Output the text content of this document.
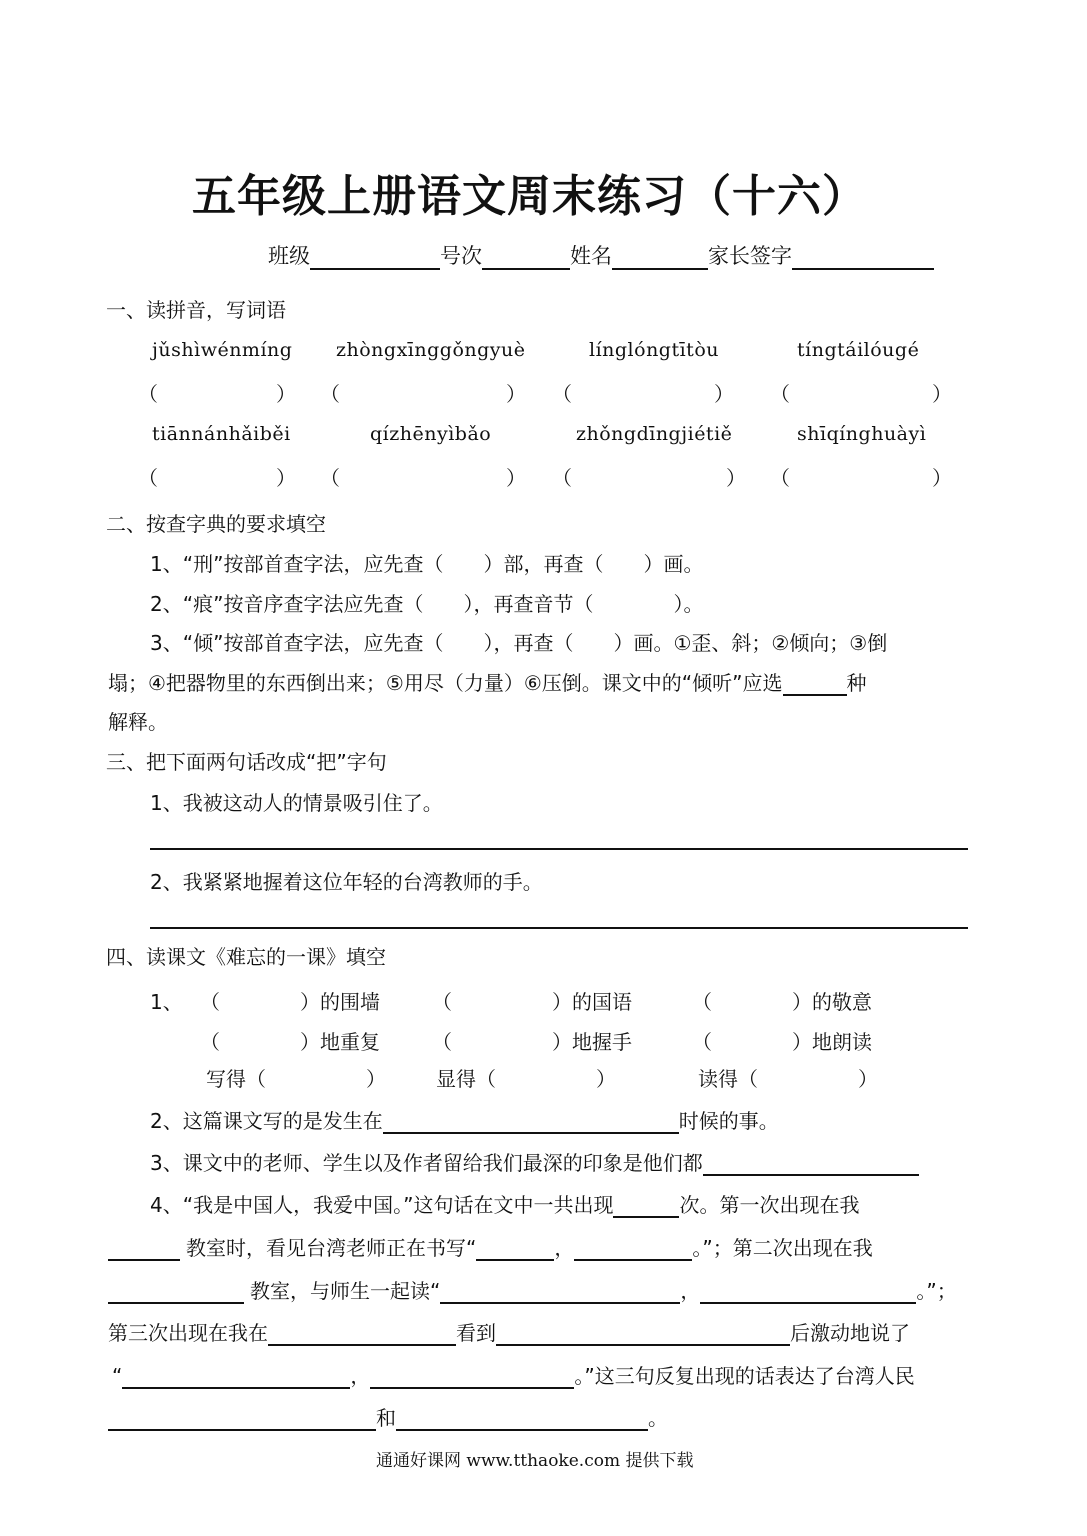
五年级上册语文周末练习（十六）
班级	号次	姓名	家长签字
一、读拼音，写词语
jǔshìwénmíng zhòngxīnggǒngyuè	línglóngtītòu	tíngtáilóugé
（	） （	） （	） （	）
tiānnánhǎiběi	qízhēnyìbǎo	zhǒngdīngjiétiě	shīqínghuàyì
（	） （	） （	） （	）
二、按查字典的要求填空
1、“刑”按部首查字法，应先查（　　）部，再查（　　）画。
2、“痕”按音序查字法应先查（　　），再查音节（　　　　）。
3、“倾”按部首查字法，应先查（　　），再查（　　）画。①歪、斜；②倾向；③倒
塌；④把器物里的东西倒出来；⑤用尽（力量）⑥压倒。课文中的“倾听”应选	种
解释。
三、把下面两句话改成“把”字句
1、我被这动人的情景吸引住了。
2、我紧紧地握着这位年轻的台湾教师的手。
四、读课文《难忘的一课》填空
1、 （　　　　）的围墙	（　　　　　）的国语	（　　　　）的敬意
（　　　　）地重复	（　　　　　）地握手	（　　　　）地朗读
写得（　　　　　）	显得（　　　　　）	读得（　　　　　）
2、这篇课文写的是发生在	时候的事。
3、课文中的老师、学生以及作者留给我们最深的印象是他们都
4、“我是中国人，我爱中国。”这句话在文中一共出现	次。第一次出现在我
教室时，看见台湾老师正在书写“	，	。”；第二次出现在我
教室，与师生一起读“	，	。”；
第三次出现在我在	看到	后激动地说了
“	，	。”这三句反复出现的话表达了台湾人民
和	。
通通好课网 www.tthaoke.com 提供下载
